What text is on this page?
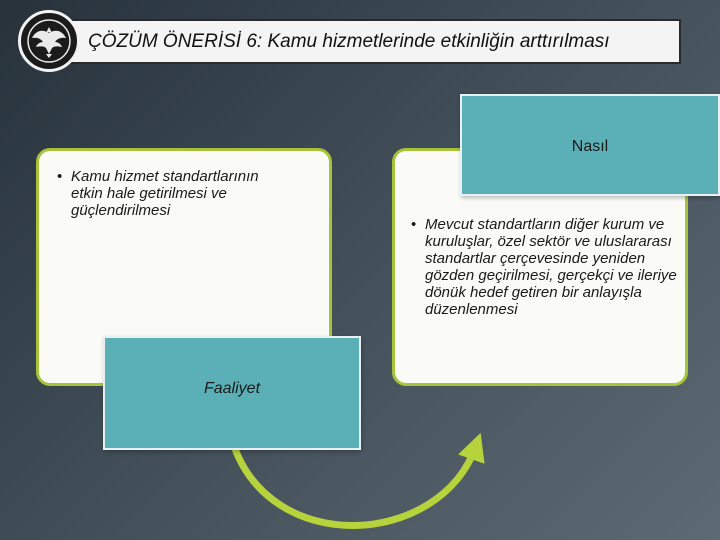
ÇÖZÜM ÖNERİSİ 6: Kamu hizmetlerinde etkinliğin arttırılması
• Kamu hizmet standartlarının etkin hale getirilmesi ve güçlendirilmesi
• Mevcut standartların diğer kurum ve kuruluşlar, özel sektör ve uluslararası standartlar çerçevesinde yeniden gözden geçirilmesi, gerçekçi ve ileriye dönük hedef getiren bir anlayışla düzenlenmesi
Faaliyet
Nasıl
